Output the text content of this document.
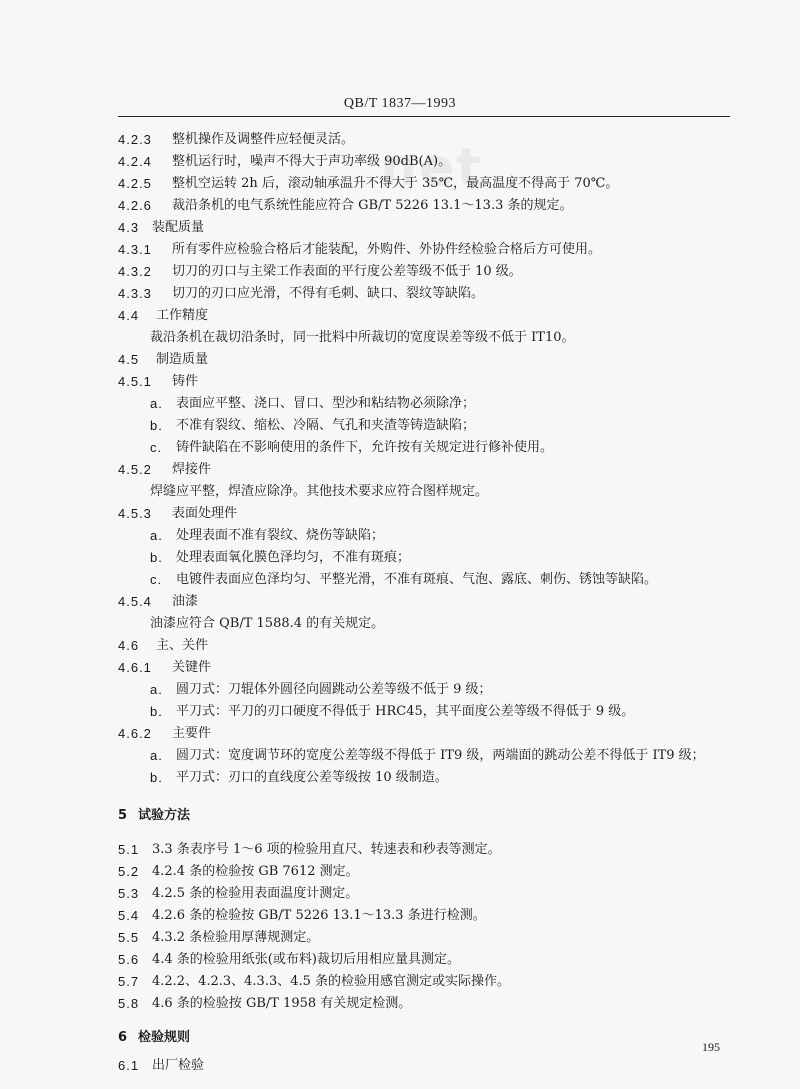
net
QB/T 1837—1993
4.2.3 整机操作及调整件应轻便灵活。
4.2.4 整机运行时，噪声不得大于声功率级 90dB(A)。
4.2.5 整机空运转 2h 后，滚动轴承温升不得大于 35℃，最高温度不得高于 70℃。
4.2.6 裁沿条机的电气系统性能应符合 GB/T 5226 13.1～13.3 条的规定。
4.3 装配质量
4.3.1 所有零件应检验合格后才能装配，外购件、外协件经检验合格后方可使用。
4.3.2 切刀的刃口与主梁工作表面的平行度公差等级不低于 10 级。
4.3.3 切刀的刃口应光滑，不得有毛刺、缺口、裂纹等缺陷。
4.4 工作精度
裁沿条机在裁切沿条时，同一批料中所裁切的宽度误差等级不低于 IT10。
4.5 制造质量
4.5.1 铸件
a. 表面应平整、浇口、冒口、型沙和粘结物必须除净；
b. 不准有裂纹、缩松、冷隔、气孔和夹渣等铸造缺陷；
c. 铸件缺陷在不影响使用的条件下，允许按有关规定进行修补使用。
4.5.2 焊接件
焊缝应平整，焊渣应除净。其他技术要求应符合图样规定。
4.5.3 表面处理件
a. 处理表面不准有裂纹、烧伤等缺陷；
b. 处理表面氧化膜色泽均匀，不准有斑痕；
c. 电镀件表面应色泽均匀、平整光滑，不准有斑痕、气泡、露底、刺伤、锈蚀等缺陷。
4.5.4 油漆
油漆应符合 QB/T 1588.4 的有关规定。
4.6 主、关件
4.6.1 关键件
a. 圆刀式：刀辊体外圆径向圆跳动公差等级不低于 9 级；
b. 平刀式：平刀的刃口硬度不得低于 HRC45，其平面度公差等级不得低于 9 级。
4.6.2 主要件
a. 圆刀式：宽度调节环的宽度公差等级不得低于 IT9 级，两端面的跳动公差不得低于 IT9 级；
b. 平刀式：刃口的直线度公差等级按 10 级制造。
5 试验方法
5.1 3.3 条表序号 1～6 项的检验用直尺、转速表和秒表等测定。
5.2 4.2.4 条的检验按 GB 7612 测定。
5.3 4.2.5 条的检验用表面温度计测定。
5.4 4.2.6 条的检验按 GB/T 5226 13.1～13.3 条进行检测。
5.5 4.3.2 条检验用厚薄规测定。
5.6 4.4 条的检验用纸张(或布料)裁切后用相应量具测定。
5.7 4.2.2、4.2.3、4.3.3、4.5 条的检验用感官测定或实际操作。
5.8 4.6 条的检验按 GB/T 1958 有关规定检测。
6 检验规则
6.1 出厂检验
195
